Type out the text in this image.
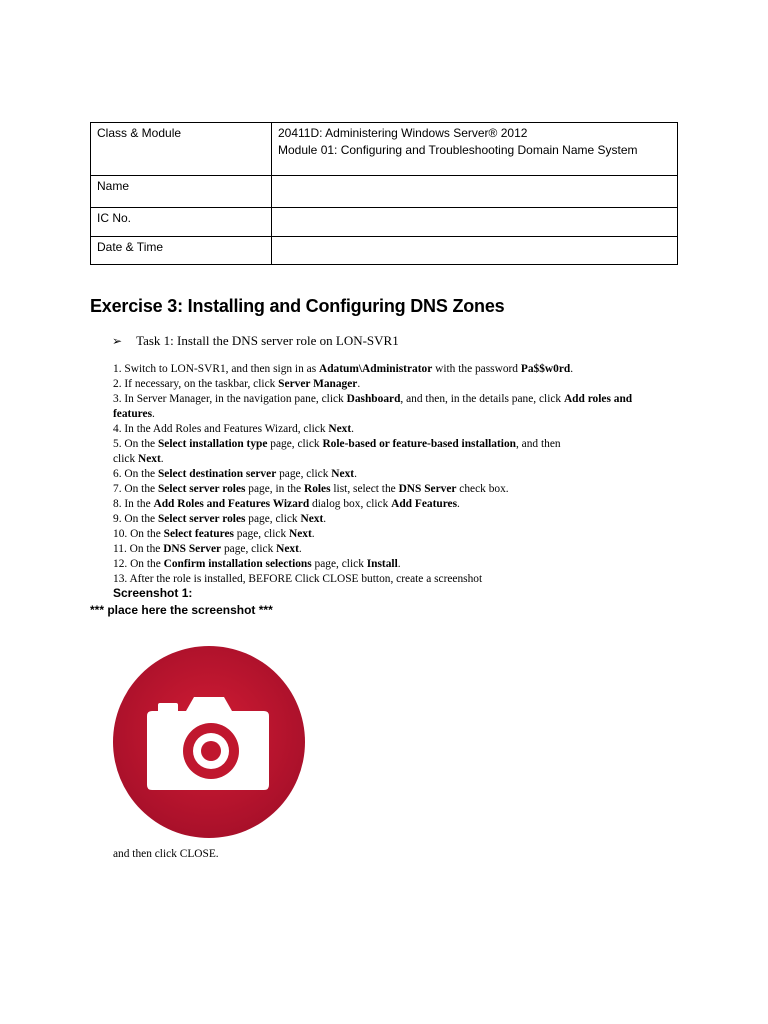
Class & Module	20411D: Administering Windows Server® 2012
Module 01: Configuring and Troubleshooting Domain Name System

Name	
IC No.	
Date & Time	
Exercise 3: Installing and Configuring DNS Zones
➢ Task 1: Install the DNS server role on LON-SVR1
1. Switch to LON-SVR1, and then sign in as Adatum\Administrator with the password Pa$$w0rd.
2. If necessary, on the taskbar, click Server Manager.
3. In Server Manager, in the navigation pane, click Dashboard, and then, in the details pane, click Add roles and features.
4. In the Add Roles and Features Wizard, click Next.
5. On the Select installation type page, click Role-based or feature-based installation, and then
click Next.
6. On the Select destination server page, click Next.
7. On the Select server roles page, in the Roles list, select the DNS Server check box.
8. In the Add Roles and Features Wizard dialog box, click Add Features.
9. On the Select server roles page, click Next.
10. On the Select features page, click Next.
11. On the DNS Server page, click Next.
12. On the Confirm installation selections page, click Install.
13. After the role is installed, BEFORE Click CLOSE button, create a screenshot
Screenshot 1:
*** place here the screenshot ***
and then click CLOSE.
